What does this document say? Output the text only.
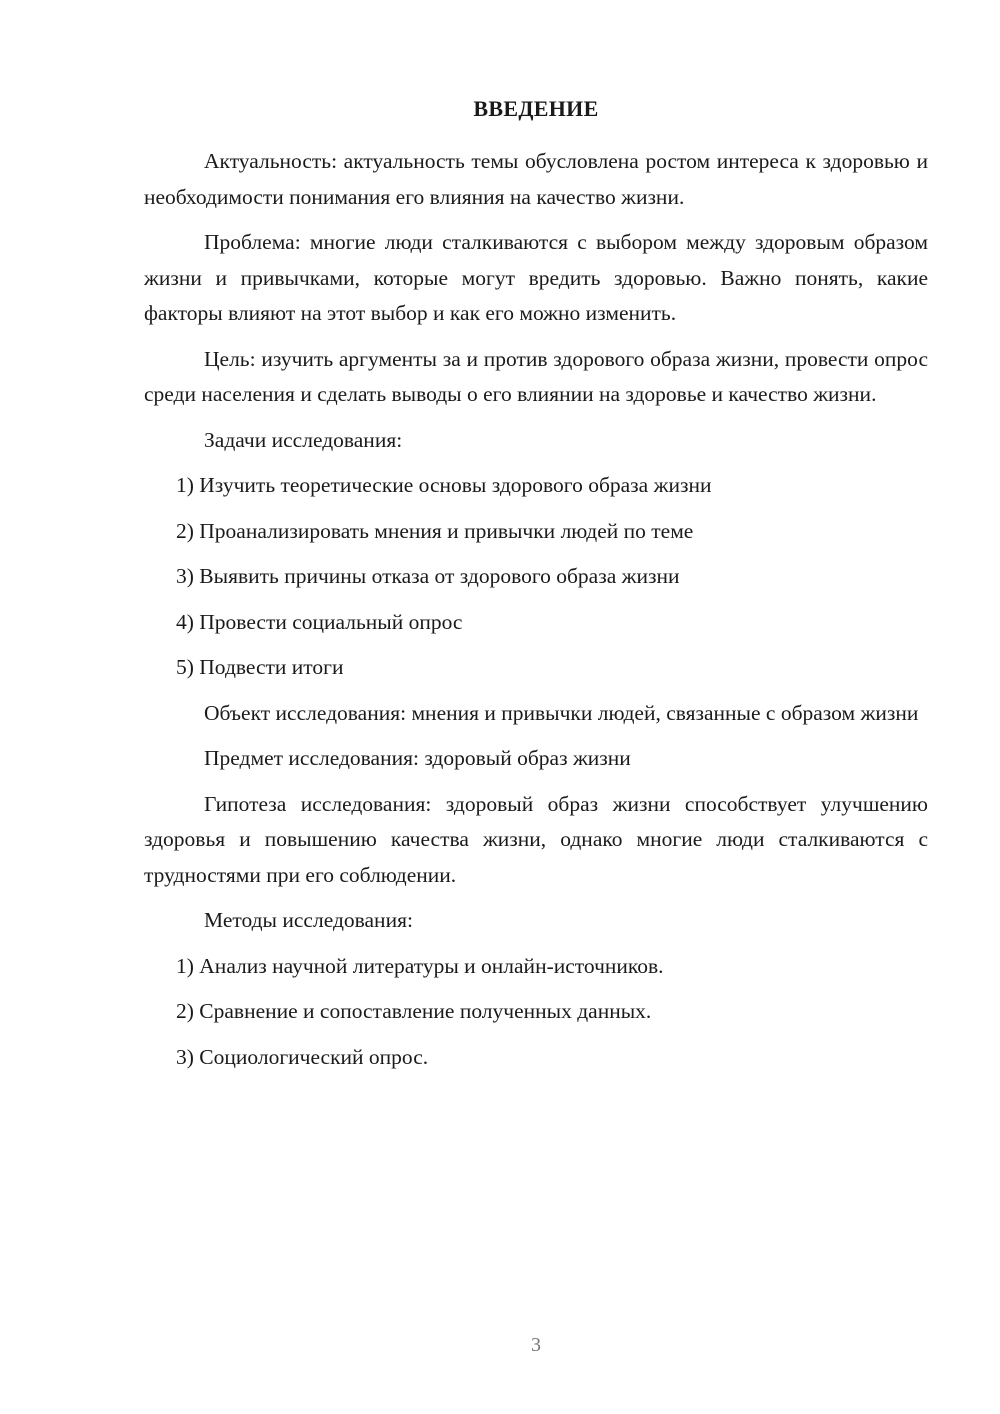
ВВЕДЕНИЕ

Актуальность: актуальность темы обусловлена ростом интереса к здоровью и необходимости понимания его влияния на качество жизни.

Проблема: многие люди сталкиваются с выбором между здоровым образом жизни и привычками, которые могут вредить здоровью. Важно понять, какие факторы влияют на этот выбор и как его можно изменить.

Цель: изучить аргументы за и против здорового образа жизни, провести опрос среди населения и сделать выводы о его влиянии на здоровье и качество жизни.

Задачи исследования:

1) Изучить теоретические основы здорового образа жизни
2) Проанализировать мнения и привычки людей по теме
3) Выявить причины отказа от здорового образа жизни
4) Провести социальный опрос
5) Подвести итоги

Объект исследования: мнения и привычки людей, связанные с образом жизни

Предмет исследования: здоровый образ жизни

Гипотеза исследования: здоровый образ жизни способствует улучшению здоровья и повышению качества жизни, однако многие люди сталкиваются с трудностями при его соблюдении.

Методы исследования:

1) Анализ научной литературы и онлайн-источников.
2) Сравнение и сопоставление полученных данных.
3) Социологический опрос.
3
